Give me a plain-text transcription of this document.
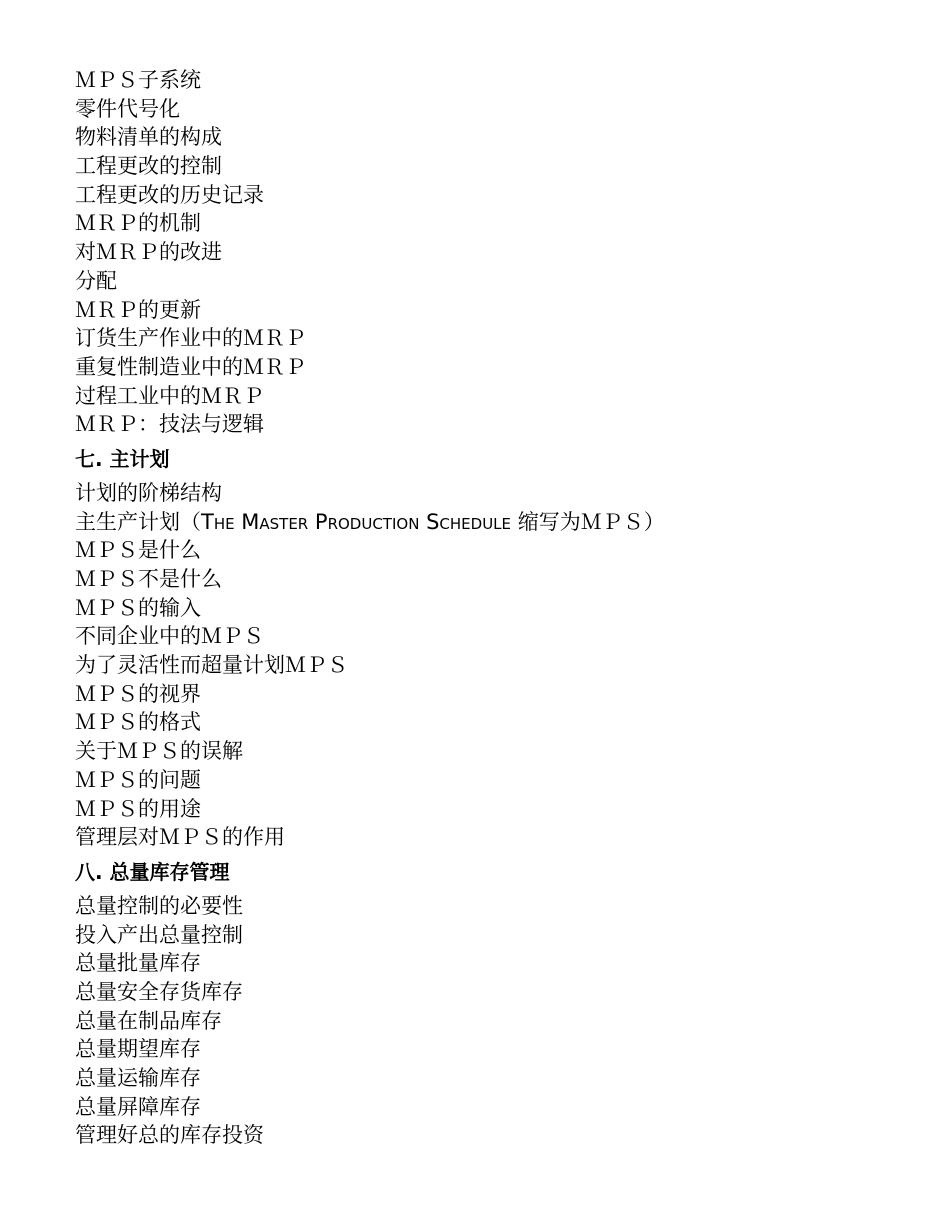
ＭＰＳ子系统
零件代号化
物料清单的构成
工程更改的控制
工程更改的历史记录
ＭＲＰ的机制
对ＭＲＰ的改进
分配
ＭＲＰ的更新
订货生产作业中的ＭＲＰ
重复性制造业中的ＭＲＰ
过程工业中的ＭＲＰ
ＭＲＰ：技法与逻辑
七. 主计划
计划的阶梯结构
主生产计划（The Master Production Schedule 缩写为ＭＰＳ）
ＭＰＳ是什么
ＭＰＳ不是什么
ＭＰＳ的输入
不同企业中的ＭＰＳ
为了灵活性而超量计划ＭＰＳ
ＭＰＳ的视界
ＭＰＳ的格式
关于ＭＰＳ的误解
ＭＰＳ的问题
ＭＰＳ的用途
管理层对ＭＰＳ的作用
八. 总量库存管理
总量控制的必要性
投入产出总量控制
总量批量库存
总量安全存货库存
总量在制品库存
总量期望库存
总量运输库存
总量屏障库存
管理好总的库存投资
